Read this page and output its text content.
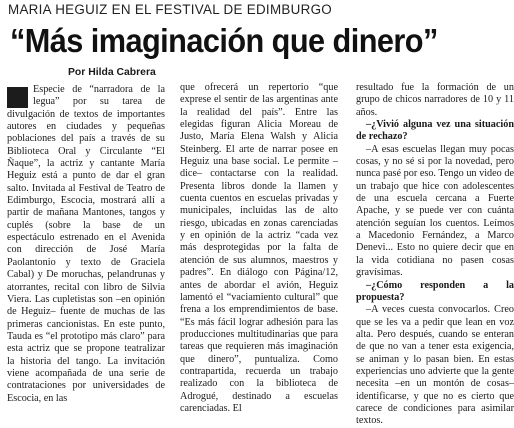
MARIA HEGUIZ EN EL FESTIVAL DE EDIMBURGO
“Más imaginación que dinero”
Por Hilda Cabrera

Especie de “narradora de la legua” por su tarea de divulgación de textos de importantes autores en ciudades y pequeñas poblaciones del país a través de su Biblioteca Oral y Circulante “El Ñaque”, la actriz y cantante María Heguiz está a punto de dar el gran salto. Invitada al Festival de Teatro de Edimburgo, Escocia, mostrará allí a partir de mañana Mantones, tangos y cuplés (sobre la base de un espectáculo estrenado en el Avenida con dirección de José María Paolantonio y texto de Graciela Cabal) y De moruchas, pelandrunas y atorrantes, recital con libro de Silvia Viera. Las cupletistas son –en opinión de Heguiz– fuente de muchas de las primeras cancionistas. En este punto, Tauda es “el prototipo más claro” para esta actriz que se propone teatralizar la historia del tango. La invitación viene acompañada de una serie de contrataciones por universidades de Escocia, en las

que ofrecerá un repertorio “que exprese el sentir de las argentinas ante la realidad del país”. Entre las elegidas figuran Alicia Moreau de Justo, María Elena Walsh y Alicia Steinberg. El arte de narrar posee en Heguiz una base social. Le permite –dice– contactarse con la realidad. Presenta libros donde la llamen y cuenta cuentos en escuelas privadas y municipales, incluidas las de alto riesgo, ubicadas en zonas carenciadas y en opinión de la actriz “cada vez más desprotegidas por la falta de atención de sus alumnos, maestros y padres”. En diálogo con Página/12, antes de abordar el avión, Heguiz lamentó el “vaciamiento cultural” que frena a los emprendimientos de base. “Es más fácil lograr adhesión para las producciones multitudinarias que para tareas que requieren más imaginación que dinero”, puntualiza. Como contrapartida, recuerda un trabajo realizado con la biblioteca de Adrogué, destinado a escuelas carenciadas. El

resultado fue la formación de un grupo de chicos narradores de 10 y 11 años.

–¿Vivió alguna vez una situación de rechazo?

–A esas escuelas llegan muy pocas cosas, y no sé si por la novedad, pero nunca pasé por eso. Tengo un video de un trabajo que hice con adolescentes de una escuela cercana a Fuerte Apache, y se puede ver con cuánta atención seguían los cuentos. Leímos a Macedonio Fernández, a Marco Denevi... Esto no quiere decir que en la vida cotidiana no pasen cosas gravísimas.

–¿Cómo responden a la propuesta?

–A veces cuesta convocarlos. Creo que se les va a pedir que lean en voz alta. Pero después, cuando se enteran de que no van a tener esta exigencia, se animan y lo pasan bien. En estas experiencias uno advierte que la gente necesita –en un montón de cosas– identificarse, y que no es cierto que carece de condiciones para asimilar textos.
